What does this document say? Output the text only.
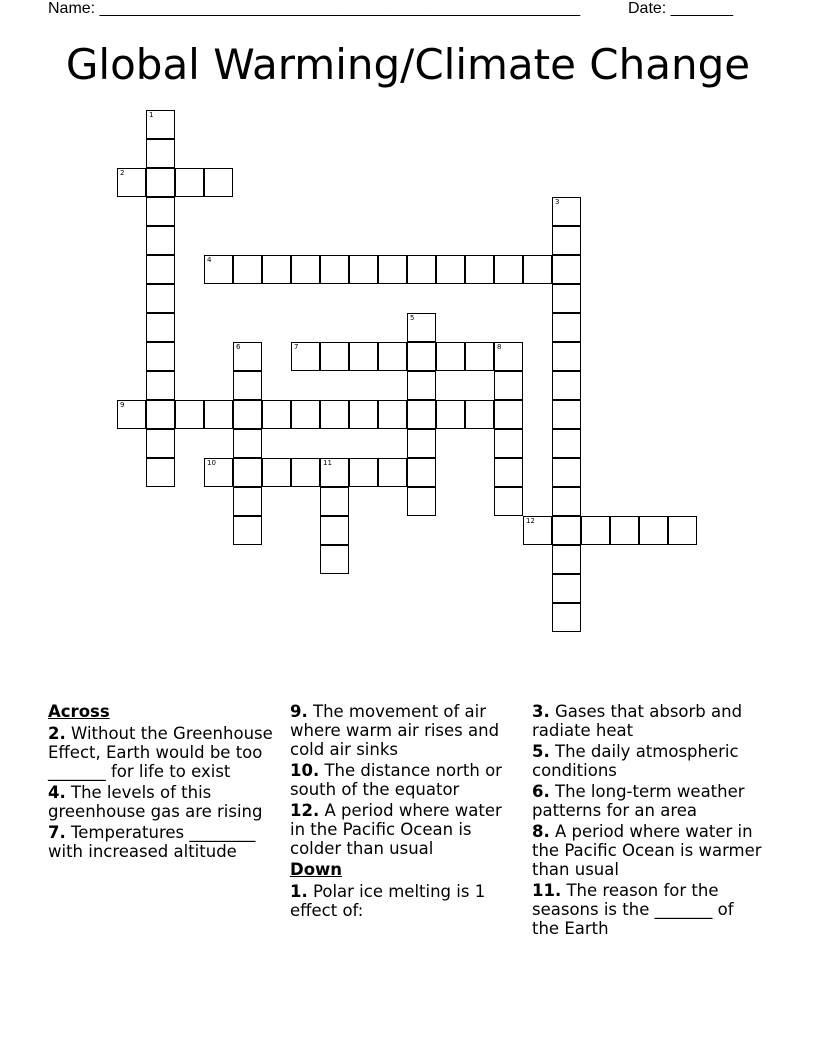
Name: ______________________________________________________	Date: _______
Global Warming/Climate Change
1
2
3
4
5
6	7	8
9
10	11
12
Across
2. Without the Greenhouse Effect, Earth would be too _______ for life to exist
4. The levels of this greenhouse gas are rising
7. Temperatures ________ with increased altitude
9. The movement of air where warm air rises and cold air sinks
10. The distance north or south of the equator
12. A period where water in the Pacific Ocean is colder than usual
Down
1. Polar ice melting is 1 effect of:
3. Gases that absorb and radiate heat
5. The daily atmospheric conditions
6. The long-term weather patterns for an area
8. A period where water in the Pacific Ocean is warmer than usual
11. The reason for the seasons is the _______ of the Earth
